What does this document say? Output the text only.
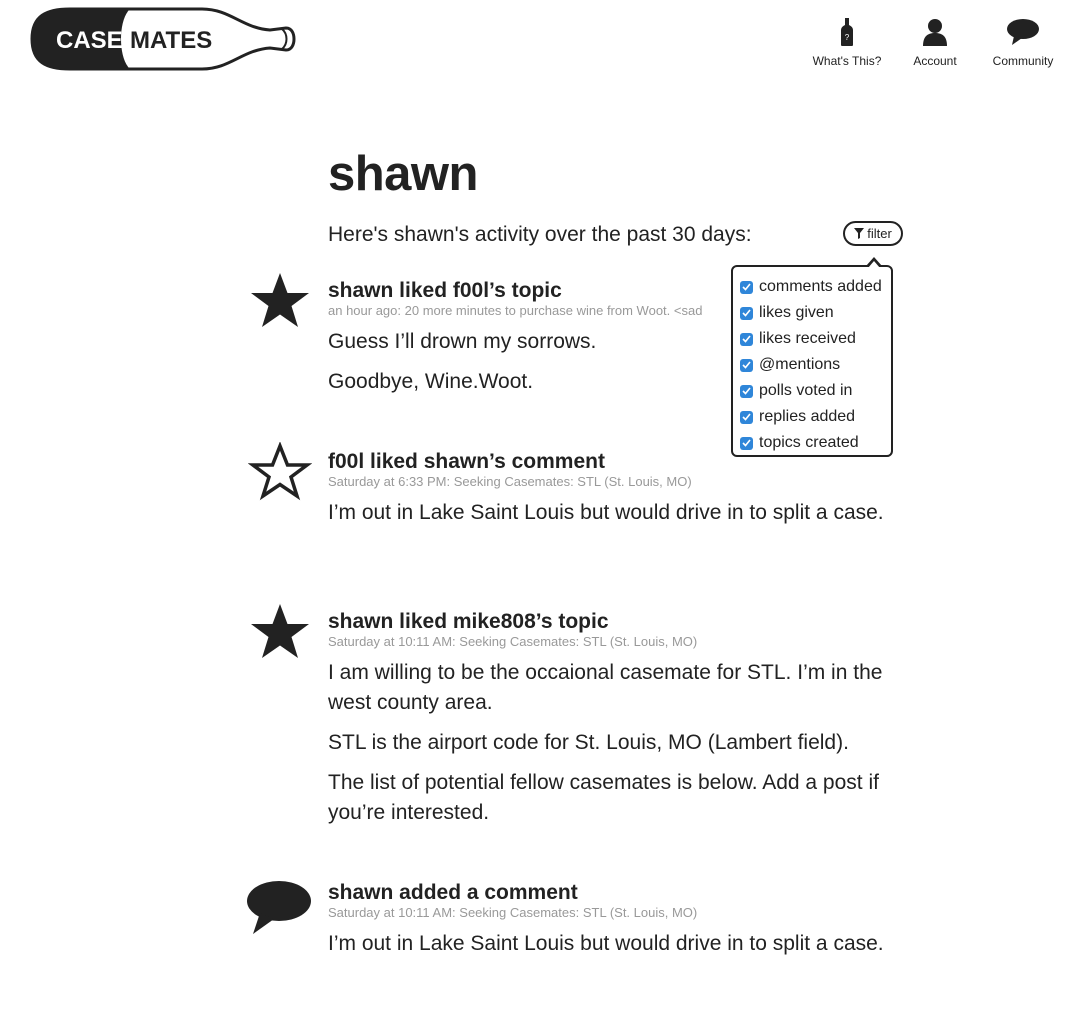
CASE MATES	?
What's This?	Account	Community
filter
comments added
likes given
likes received
@mentions
polls voted in
replies added
topics created
shawn

Here's shawn's activity over the past 30 days:

shawn liked f00l’s topic

an hour ago: 20 more minutes to purchase wine from Woot. <sad

Guess I’ll drown my sorrows.

Goodbye, Wine.Woot.

f00l liked shawn’s comment

Saturday at 6:33 PM: Seeking Casemates: STL (St. Louis, MO)

I’m out in Lake Saint Louis but would drive in to split a case.

shawn liked mike808’s topic

Saturday at 10:11 AM: Seeking Casemates: STL (St. Louis, MO)

I am willing to be the occaional casemate for STL. I’m in the west county area.

STL is the airport code for St. Louis, MO (Lambert field).

The list of potential fellow casemates is below. Add a post if you’re interested.

shawn added a comment

Saturday at 10:11 AM: Seeking Casemates: STL (St. Louis, MO)

I’m out in Lake Saint Louis but would drive in to split a case.
